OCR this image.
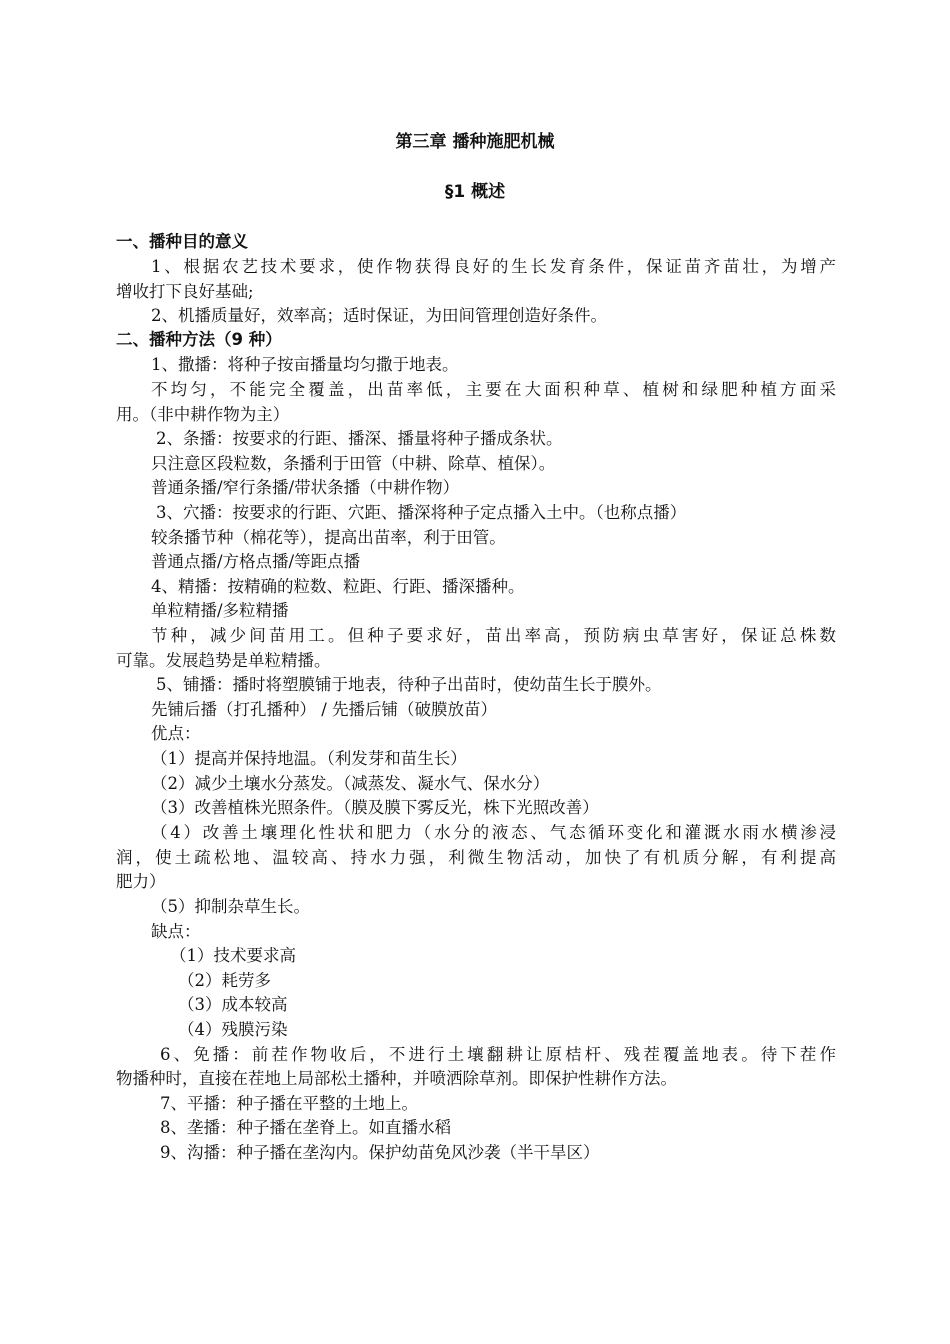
第三章 播种施肥机械
§1 概述
一、播种目的意义
1、根据农艺技术要求，使作物获得良好的生长发育条件，保证苗齐苗壮，为增产
增收打下良好基础;
2、机播质量好，效率高；适时保证，为田间管理创造好条件。
二、播种方法（9 种）
1、撒播：将种子按亩播量均匀撒于地表。
不均匀，不能完全覆盖，出苗率低，主要在大面积种草、植树和绿肥种植方面采
用。（非中耕作物为主）
2、条播：按要求的行距、播深、播量将种子播成条状。
只注意区段粒数，条播利于田管（中耕、除草、植保）。
普通条播/窄行条播/带状条播（中耕作物）
3、穴播：按要求的行距、穴距、播深将种子定点播入土中。（也称点播）
较条播节种（棉花等），提高出苗率，利于田管。
普通点播/方格点播/等距点播
4、精播：按精确的粒数、粒距、行距、播深播种。
单粒精播/多粒精播
节种，减少间苗用工。但种子要求好，苗出率高，预防病虫草害好，保证总株数
可靠。发展趋势是单粒精播。
5、铺播：播时将塑膜铺于地表，待种子出苗时，使幼苗生长于膜外。
先铺后播（打孔播种） / 先播后铺（破膜放苗）
优点：
（1）提高并保持地温。（利发芽和苗生长）
（2）减少土壤水分蒸发。（减蒸发、凝水气、保水分）
（3）改善植株光照条件。（膜及膜下雾反光，株下光照改善）
（4）改善土壤理化性状和肥力（水分的液态、气态循环变化和灌溉水雨水横渗浸
润，使土疏松地、温较高、持水力强，利微生物活动，加快了有机质分解，有利提高
肥力）
（5）抑制杂草生长。
缺点：
（1）技术要求高
（2）耗劳多
（3）成本较高
（4）残膜污染
6、免播：前茬作物收后，不进行土壤翻耕让原桔杆、残茬覆盖地表。待下茬作
物播种时，直接在茬地上局部松土播种，并喷洒除草剂。即保护性耕作方法。
7、平播：种子播在平整的土地上。
8、垄播：种子播在垄脊上。如直播水稻
9、沟播：种子播在垄沟内。保护幼苗免风沙袭（半干旱区）
